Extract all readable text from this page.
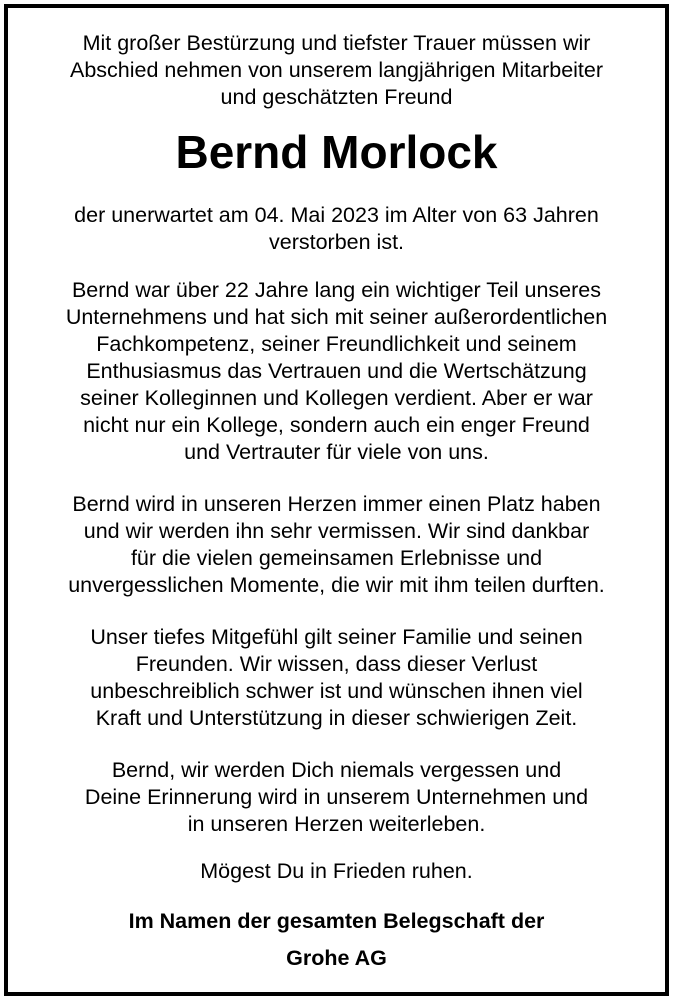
Mit großer Bestürzung und tiefster Trauer müssen wir
Abschied nehmen von unserem langjährigen Mitarbeiter
und geschätzten Freund
Bernd Morlock
der unerwartet am 04. Mai 2023 im Alter von 63 Jahren
verstorben ist.
Bernd war über 22 Jahre lang ein wichtiger Teil unseres
Unternehmens und hat sich mit seiner außerordentlichen
Fachkompetenz, seiner Freundlichkeit und seinem
Enthusiasmus das Vertrauen und die Wertschätzung
seiner Kolleginnen und Kollegen verdient. Aber er war
nicht nur ein Kollege, sondern auch ein enger Freund
und Vertrauter für viele von uns.
Bernd wird in unseren Herzen immer einen Platz haben
und wir werden ihn sehr vermissen. Wir sind dankbar
für die vielen gemeinsamen Erlebnisse und
unvergesslichen Momente, die wir mit ihm teilen durften.
Unser tiefes Mitgefühl gilt seiner Familie und seinen
Freunden. Wir wissen, dass dieser Verlust
unbeschreiblich schwer ist und wünschen ihnen viel
Kraft und Unterstützung in dieser schwierigen Zeit.
Bernd, wir werden Dich niemals vergessen und
Deine Erinnerung wird in unserem Unternehmen und
in unseren Herzen weiterleben.
Mögest Du in Frieden ruhen.
Im Namen der gesamten Belegschaft der
Grohe AG
